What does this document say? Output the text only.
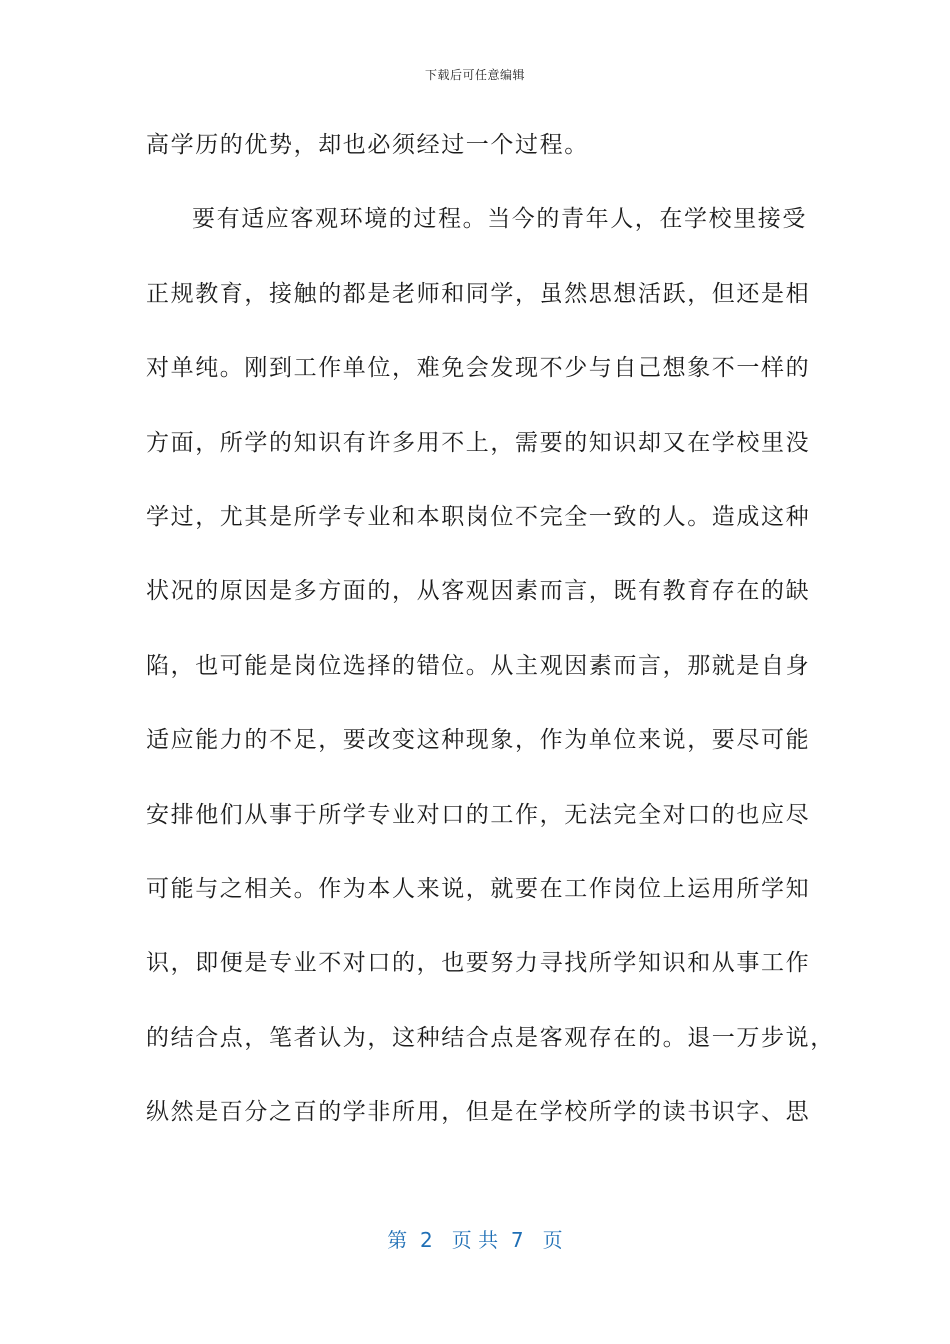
下载后可任意编辑
高学历的优势，却也必须经过一个过程。
要有适应客观环境的过程。当今的青年人，在学校里接受
正规教育，接触的都是老师和同学，虽然思想活跃，但还是相
对单纯。刚到工作单位，难免会发现不少与自己想象不一样的
方面，所学的知识有许多用不上，需要的知识却又在学校里没
学过，尤其是所学专业和本职岗位不完全一致的人。造成这种
状况的原因是多方面的，从客观因素而言，既有教育存在的缺
陷，也可能是岗位选择的错位。从主观因素而言，那就是自身
适应能力的不足，要改变这种现象，作为单位来说，要尽可能
安排他们从事于所学专业对口的工作，无法完全对口的也应尽
可能与之相关。作为本人来说，就要在工作岗位上运用所学知
识，即便是专业不对口的，也要努力寻找所学知识和从事工作
的结合点，笔者认为，这种结合点是客观存在的。退一万步说，
纵然是百分之百的学非所用，但是在学校所学的读书识字、思
第  2   页 共  7   页
